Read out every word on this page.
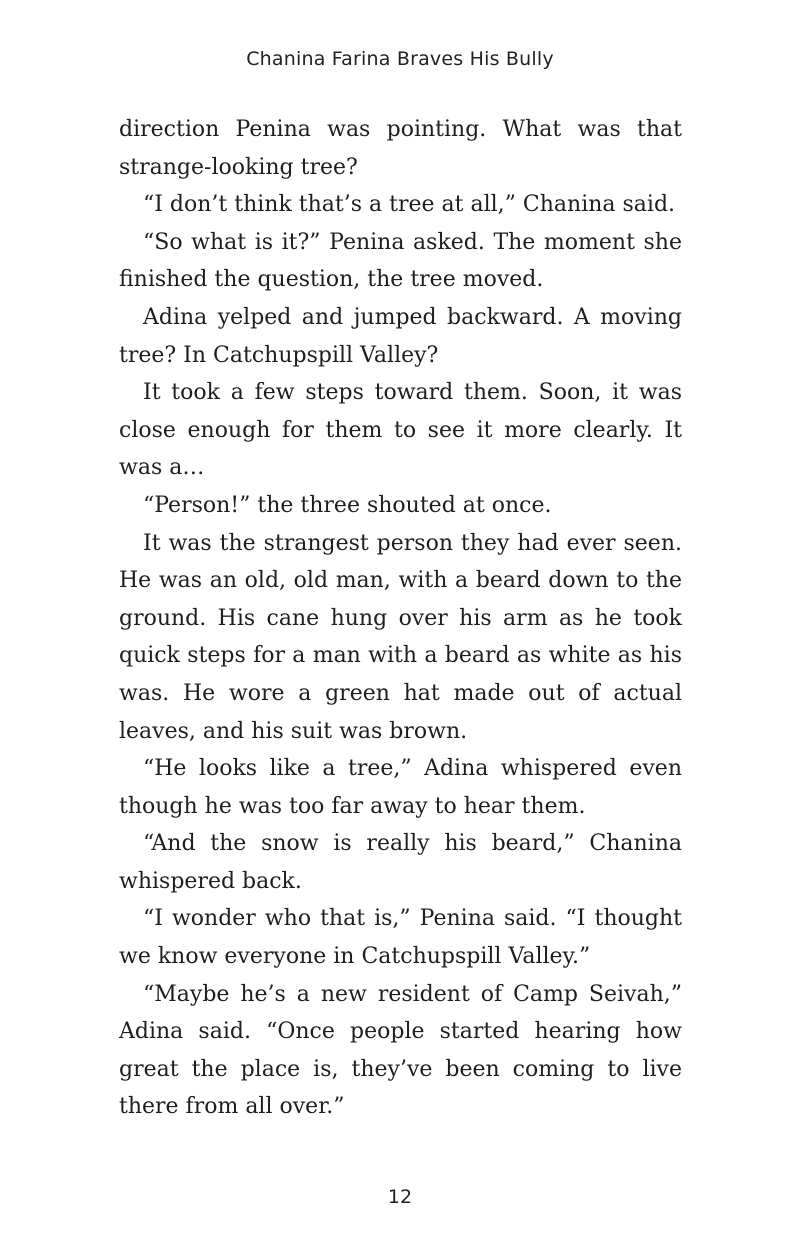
Chanina Farina Braves His Bully

direction Penina was pointing. What was that strange-looking tree?

“I don’t think that’s a tree at all,” Chanina said.

“So what is it?” Penina asked. The moment she finished the question, the tree moved.

Adina yelped and jumped backward. A moving tree? In Catchupspill Valley?

It took a few steps toward them. Soon, it was close enough for them to see it more clearly. It was a…

“Person!” the three shouted at once.

It was the strangest person they had ever seen. He was an old, old man, with a beard down to the ground. His cane hung over his arm as he took quick steps for a man with a beard as white as his was. He wore a green hat made out of actual leaves, and his suit was brown.

“He looks like a tree,” Adina whispered even though he was too far away to hear them.

“And the snow is really his beard,” Chanina whispered back.

“I wonder who that is,” Penina said. “I thought we know everyone in Catchupspill Valley.”

“Maybe he’s a new resident of Camp Seivah,” Adina said. “Once people started hearing how great the place is, they’ve been coming to live there from all over.”

12
